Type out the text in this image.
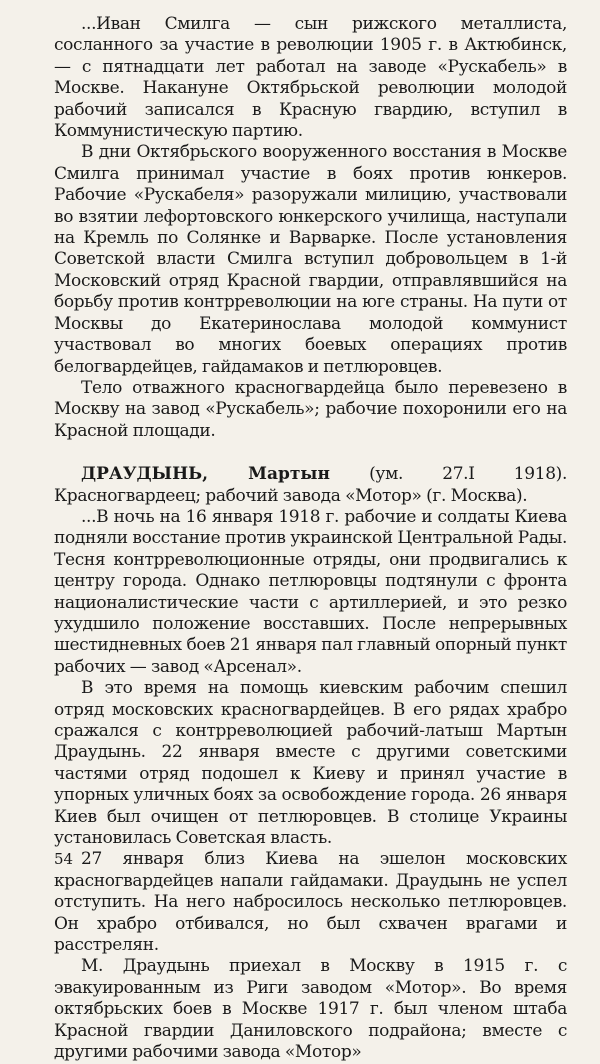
...Иван Смилга — сын рижского металлиста, сосланного за участие в революции 1905 г. в Актюбинск, — с пятнадцати лет работал на заводе «Рускабель» в Москве. Накануне Октябрьской революции молодой рабочий записался в Красную гвардию, вступил в Коммунистическую партию.

В дни Октябрьского вооруженного восстания в Москве Смилга принимал участие в боях против юнкеров. Рабочие «Рускабеля» разоружали милицию, участвовали во взятии лефортовского юнкерского училища, наступали на Кремль по Солянке и Варварке. После установления Советской власти Смилга вступил добровольцем в 1-й Московский отряд Красной гвардии, отправлявшийся на борьбу против контрреволюции на юге страны. На пути от Москвы до Екатеринослава молодой коммунист участвовал во многих боевых операциях против белогвардейцев, гайдамаков и петлюровцев.

Тело отважного красногвардейца было перевезено в Москву на завод «Рускабель»; рабочие похоронили его на Красной площади.

ДРАУДЫНЬ, Мартын (ум. 27.I 1918). Красногвардеец; рабочий завода «Мотор» (г. Москва).

...В ночь на 16 января 1918 г. рабочие и солдаты Киева подняли восстание против украинской Центральной Рады. Тесня контрреволюционные отряды, они продвигались к центру города. Однако петлюровцы подтянули с фронта националистические части с артиллерией, и это резко ухудшило положение восставших. После непрерывных шестидневных боев 21 января пал главный опорный пункт рабочих — завод «Арсенал».

В это время на помощь киевским рабочим спешил отряд московских красногвардейцев. В его рядах храбро сражался с контрреволюцией рабочий-латыш Мартын Драудынь. 22 января вместе с другими советскими частями отряд подошел к Киеву и принял участие в упорных уличных боях за освобождение города. 26 января Киев был очищен от петлюровцев. В столице Украины установилась Советская власть.

27 января близ Киева на эшелон московских красногвардейцев напали гайдамаки. Драудынь не успел отступить. На него набросилось несколько петлюровцев. Он храбро отбивался, но был схвачен врагами и расстрелян.

М. Драудынь приехал в Москву в 1915 г. с эвакуированным из Риги заводом «Мотор». Во время октябрьских боев в Москве 1917 г. был членом штаба Красной гвардии Даниловского подрайона; вместе с другими рабочими завода «Мотор»

54
